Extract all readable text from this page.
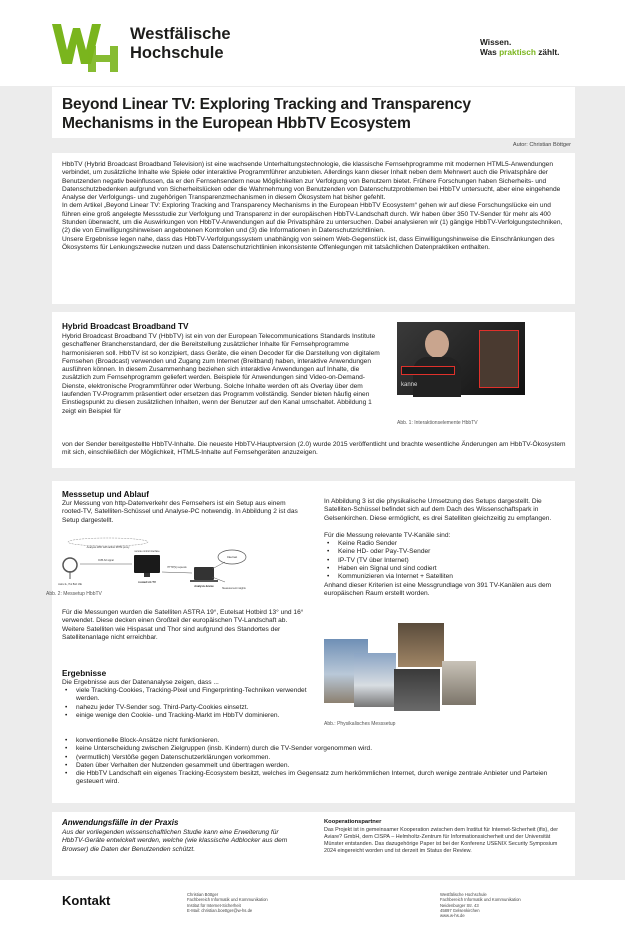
Westfälische
Hochschule
Wissen.
Was praktisch zählt.
Beyond Linear TV: Exploring Tracking and Transparency
Mechanisms in the European HbbTV Ecosystem
Autor: Christian Böttger

HbbTV (Hybrid Broadcast Broadband Television) ist eine wachsende Unterhaltungstechnologie, die klassische Fernsehprogramme mit modernen HTML5-Anwendungen verbindet, um zusätzliche Inhalte wie Spiele oder interaktive Programmführer anzubieten. Allerdings kann dieser Inhalt neben dem Mehrwert auch die Privatsphäre der Benutzenden negativ beeinflussen, da er den Fernsehsendern neue Möglichkeiten zur Verfolgung von Benutzern bietet. Frühere Forschungen haben Sicherheits- und Datenschutzbedenken aufgrund von Sicherheitslücken oder die Wahrnehmung von Benutzenden von Datenschutzproblemen bei HbbTV untersucht, aber eine eingehende Analyse der Verfolgungs- und zugehörigen Transparenzmechanismen in diesem Ökosystem hat bisher gefehlt.

In dem Artikel „Beyond Linear TV: Exploring Tracking and Transparency Mechanisms in the European HbbTV Ecosystem“ gehen wir auf diese Forschungslücke ein und führen eine groß angelegte Messstudie zur Verfolgung und Transparenz in der europäischen HbbTV-Landschaft durch. Wir haben über 350 TV-Sender für mehr als 400 Stunden überwacht, um die Auswirkungen von HbbTV-Anwendungen auf die Privatsphäre zu untersuchen. Dabei analysieren wir (1) gängige HbbTV-Verfolgungstechniken, (2) die von Einwilligungshinweisen angebotenen Kontrollen und (3) die Informationen in Datenschutzrichtlinien.

Unsere Ergebnisse legen nahe, dass das HbbTV-Verfolgungssystem unabhängig von seinem Web-Gegenstück ist, dass Einwilligungshinweise die Einschränkungen des Ökosystems für Lenkungszwecke nutzen und dass Datenschutzrichtlinien inkonsistente Offenlegungen mit tatsächlichen Datenpraktiken enthalten.

Hybrid Broadcast Broadband TV
Hybrid Broadcast Broadband TV (HbbTV) ist ein von der European Telecommunications Standards Institute geschaffener Branchenstandard, der die Bereitstellung zusätzlicher Inhalte für Fernsehprogramme harmonisieren soll. HbbTV ist so konzipiert, dass Geräte, die einen Decoder für die Darstellung von digitalem Fernsehen (Broadcast) verwenden und Zugang zum Internet (Breitband) haben, interaktive Anwendungen ausführen können. In diesem Zusammenhang beziehen sich interaktive Anwendungen auf Inhalte, die zusätzlich zum Fernsehprogramm geliefert werden. Beispiele für Anwendungen sind Video-on-Demand-Dienste, elektronische Programmführer oder Werbung. Solche Inhalte werden oft als Overlay über dem laufenden TV-Programm präsentiert oder ersetzen das Programm vollständig. Sender bieten häufig einen Einstiegspunkt zu diesen zusätzlichen Inhalten, wenn der Benutzer auf den Kanal umschaltet. Abbildung 1 zeigt ein Beispiel für
von der Sender bereitgestellte HbbTV-Inhalte. Die neueste HbbTV-Hauptversion (2.0) wurde 2015 veröffentlicht und brachte wesentliche Änderungen am HbbTV-Ökosystem mit sich, einschließlich der Möglichkeit, HTML5-Inhalte auf Fernsehgeräten anzuzeigen.
kanne
Abb. 1: Interaktionselemente HbbTV
Messsetup und Ablauf
Zur Messung von http-Datenverkehr des Fernsehers ist ein Setup aus einem rooted-TV, Satelliten-Schüssel und Analyse-PC notwendig. In Abbildung 2 ist das Setup dargestellt.
Analysis WiFi with active MITM proxy
remote control interface
rooted LG TV
Astra 1L, Hot Bird 13E
DVB-S2 signal
Internet
Analysis device
HTTP(S) requests
Measurement insights
Abb. 2: Messetup HbbTV
Für die Messungen wurden die Satelliten ASTRA 19°, Eutelsat Hotbird 13° und 16° verwendet. Diese decken einen Großteil der europäischen TV-Landschaft ab. Weitere Satelliten wie Hispasat und Thor sind aufgrund des Standortes der Satellitenanlage nicht erreichbar.
Ergebnisse
Die Ergebnisse aus der Datenanalyse zeigen, dass ...
• viele Tracking-Cookies, Tracking-Pixel und Fingerprinting-Techniken verwendet werden.
• nahezu jeder TV-Sender sog. Third-Party-Cookies einsetzt.
• einige wenige den Cookie- und Tracking-Markt im HbbTV dominieren.
• konventionelle Block-Ansätze nicht funktionieren.
• keine Unterscheidung zwischen Zielgruppen (insb. Kindern) durch die TV-Sender vorgenommen wird.
• (vermutlich) Verstöße gegen Datenschutzerklärungen vorkommen.
• Daten über Verhalten der Nutzenden gesammelt und übertragen werden.
• die HbbTV Landschaft ein eigenes Tracking-Ecosystem besitzt, welches im Gegensatz zum herkömmlichen Internet, durch wenige zentrale Anbieter und Parteien gesteuert wird.
In Abbildung 3 ist die physikalische Umsetzung des Setups dargestellt. Die Satelliten-Schüssel befindet sich auf dem Dach des Wissenschaftspark in Gelsenkirchen. Diese ermöglicht, es drei Satelliten gleichzeitig zu empfangen.
Für die Messung relevante TV-Kanäle sind:
• Keine Radio Sender
• Keine HD- oder Pay-TV-Sender
• IP-TV (TV über Internet)
• Haben ein Signal und sind codiert
• Kommunizieren via Internet + Satelliten
Anhand dieser Kriterien ist eine Messgrundlage von 391 TV-Kanälen aus dem europäischen Raum erstellt worden.
Abb.: Physikalisches Messsetup
Anwendungsfälle in der Praxis
Aus der vorliegenden wissenschaftlichen Studie kann eine Erweiterung für HbbTV-Geräte entwickelt werden, welche (wie klassische Adblocker aus dem Browser) die Daten der Benutzenden schützt.
Kooperationspartner
Das Projekt ist in gemeinsamer Kooperation zwischen dem Institut für Internet-Sicherheit (ifis), der Aviare? GmbH, dem CISPA – Helmholtz-Zentrum für Informationssicherheit und der Universität Münster entstanden. Das dazugehörige Paper ist bei der Konferenz USENIX Security Symposium 2024 eingereicht worden und ist derzeit im Status der Review.
Kontakt	Christian Böttger
Fachbereich Informatik und Kommunikation
Institut für Internet-Sicherheit
E-Mail: christian.boettger@w-hs.de
Westfälische Hochschule
Fachbereich Informatik und Kommunikation
Neidenburger Str. 43
45897 Gelsenkirchen
www.w-hs.de
